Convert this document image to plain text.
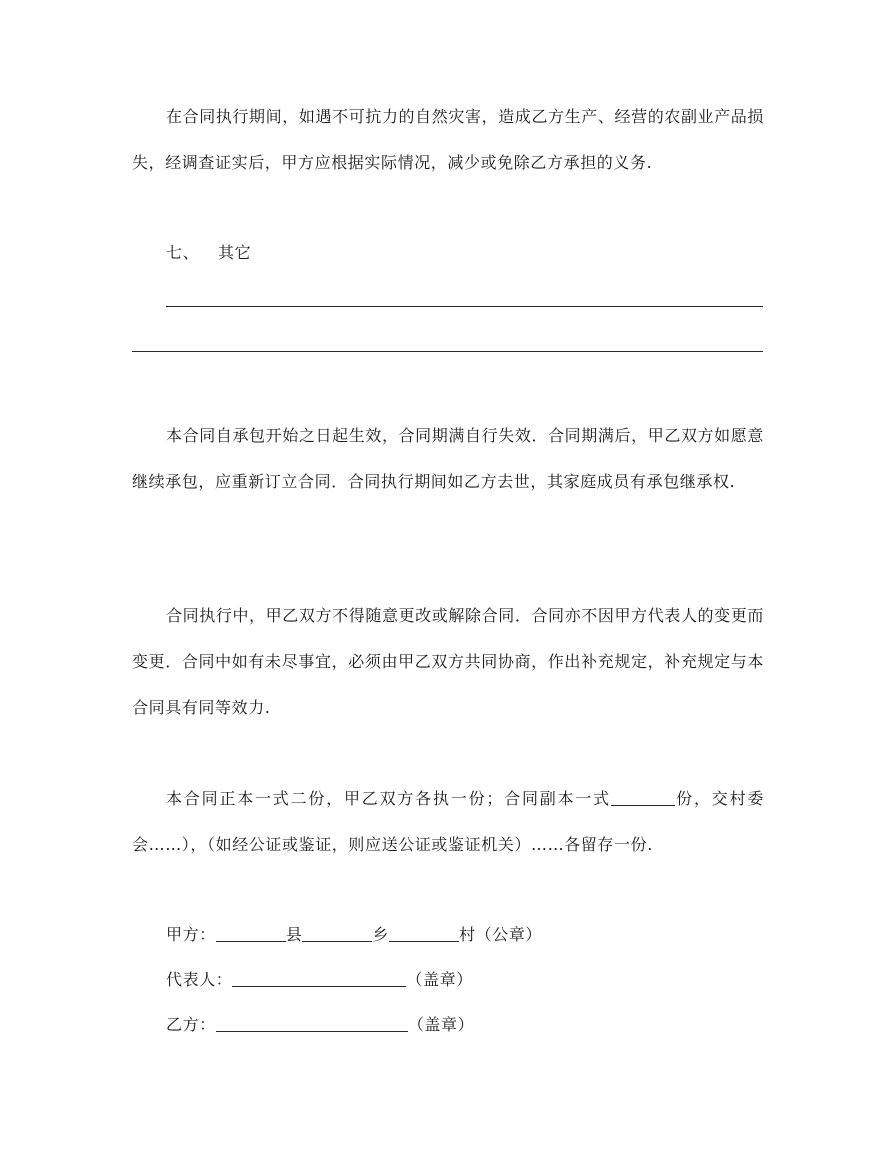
在合同执行期间，如遇不可抗力的自然灾害，造成乙方生产、经营的农副业产品损失，经调查证实后，甲方应根据实际情况，减少或免除乙方承担的义务.

七、 其它

本合同自承包开始之日起生效，合同期满自行失效．合同期满后，甲乙双方如愿意继续承包，应重新订立合同．合同执行期间如乙方去世，其家庭成员有承包继承权.

合同执行中，甲乙双方不得随意更改或解除合同．合同亦不因甲方代表人的变更而变更．合同中如有未尽事宜，必须由甲乙双方共同协商，作出补充规定，补充规定与本合同具有同等效力.

本合同正本一式二份，甲乙双方各执一份；合同副本一式	份，交村委会……），（如经公证或鉴证，则应送公证或鉴证机关）……各留存一份.

甲方：	县	乡	村（公章）
代表人：	（盖章）
乙方：	（盖章）
